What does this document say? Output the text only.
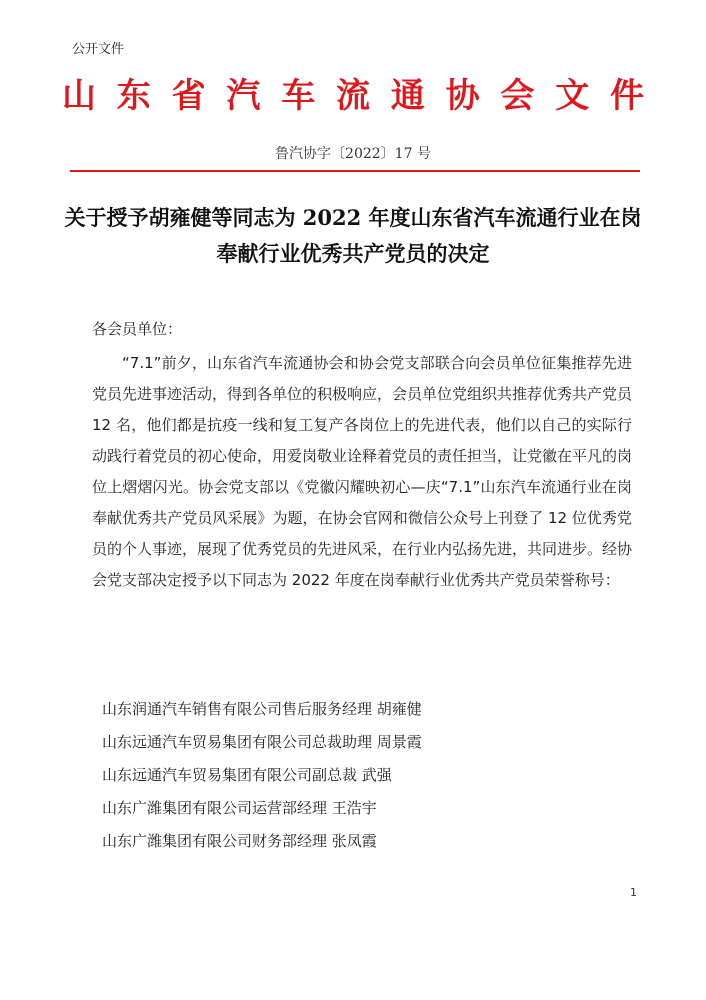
公开文件
山东省汽车流通协会文件
鲁汽协字〔2022〕17 号
关于授予胡雍健等同志为 2022 年度山东省汽车流通行业在岗奉献行业优秀共产党员的决定
各会员单位：

“7.1”前夕，山东省汽车流通协会和协会党支部联合向会员单位征集推荐先进党员先进事迹活动，得到各单位的积极响应，会员单位党组织共推荐优秀共产党员 12 名，他们都是抗疫一线和复工复产各岗位上的先进代表，他们以自己的实际行动践行着党员的初心使命，用爱岗敬业诠释着党员的责任担当，让党徽在平凡的岗位上熠熠闪光。协会党支部以《党徽闪耀映初心—庆“7.1”山东汽车流通行业在岗奉献优秀共产党员风采展》为题，在协会官网和微信公众号上刊登了 12 位优秀党员的个人事迹，展现了优秀党员的先进风采，在行业内弘扬先进，共同进步。经协会党支部决定授予以下同志为 2022 年度在岗奉献行业优秀共产党员荣誉称号：

山东润通汽车销售有限公司售后服务经理 胡雍健
山东远通汽车贸易集团有限公司总裁助理 周景霞
山东远通汽车贸易集团有限公司副总裁 武强
山东广潍集团有限公司运营部经理 王浩宇
山东广潍集团有限公司财务部经理 张凤霞
1
